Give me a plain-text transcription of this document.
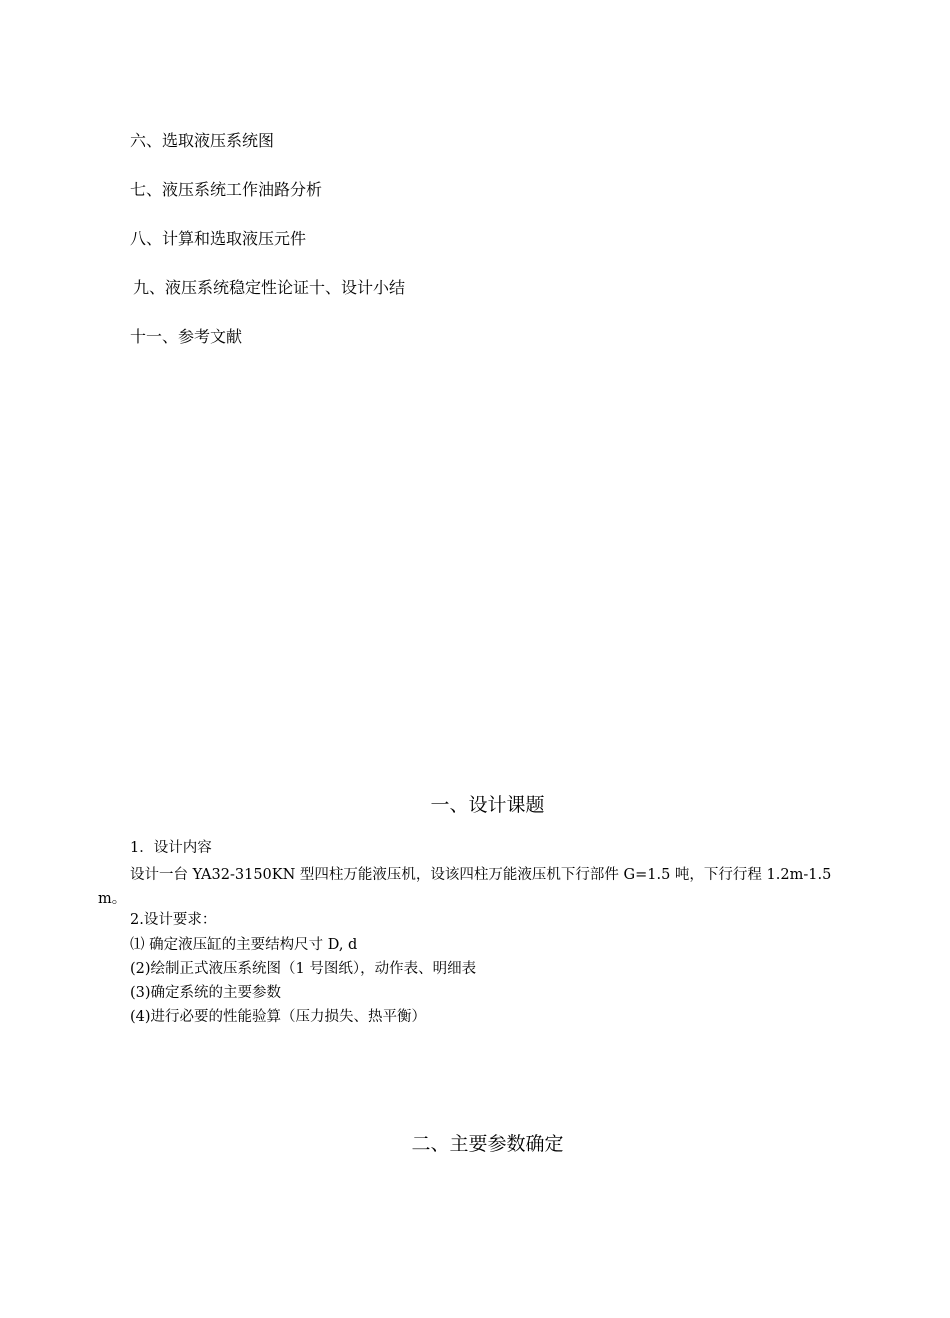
六、选取液压系统图
七、液压系统工作油路分析
八、计算和选取液压元件
九、液压系统稳定性论证十、设计小结
十一、参考文献
一、设计课题
1．设计内容
设计一台 YA32-3150KN 型四柱万能液压机，设该四柱万能液压机下行部件 G=1.5 吨，下行行程 1.2m-1.5m。
2.设计要求：
⑴ 确定液压缸的主要结构尺寸 D, d
(2)绘制正式液压系统图（1 号图纸），动作表、明细表
(3)确定系统的主要参数
(4)进行必要的性能验算（压力损失、热平衡）
二、主要参数确定
